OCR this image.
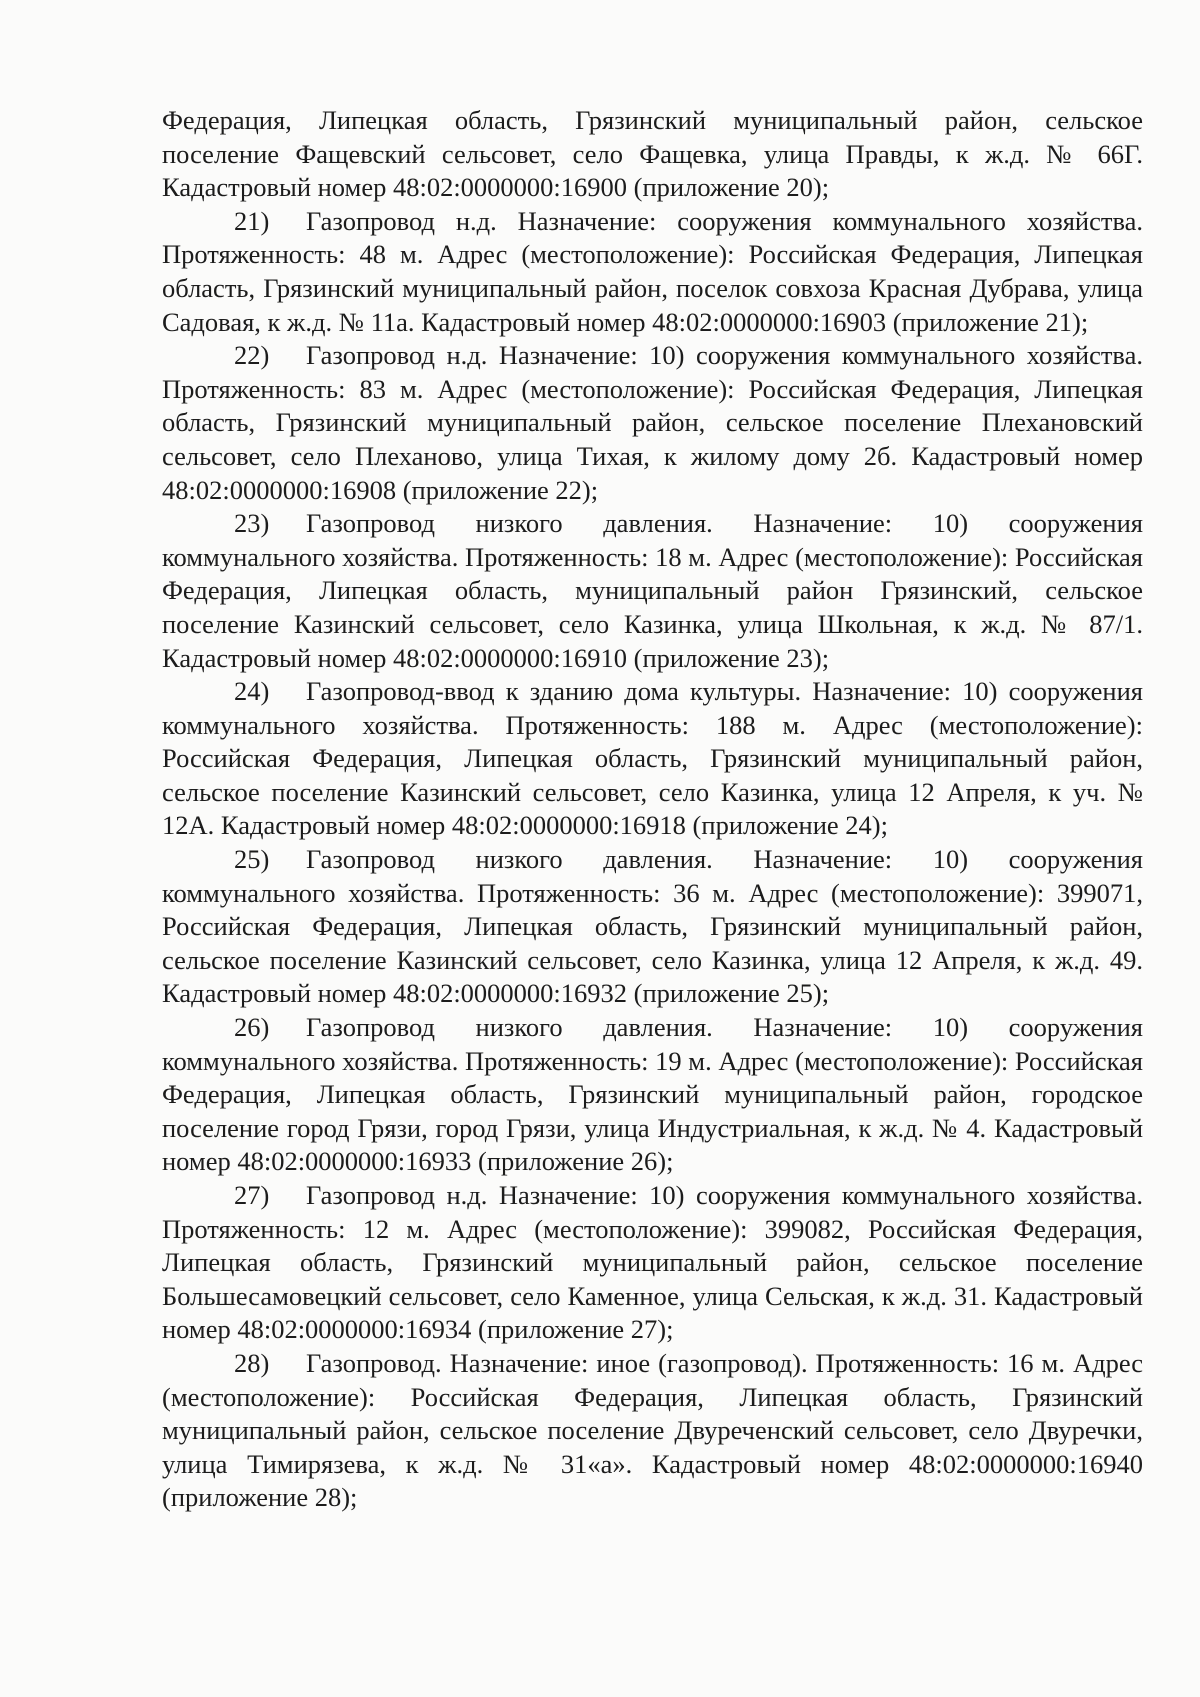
Федерация, Липецкая область, Грязинский муниципальный район, сельское поселение Фащевский сельсовет, село Фащевка, улица Правды, к ж.д. № 66Г. Кадастровый номер 48:02:0000000:16900 (приложение 20);

21) Газопровод н.д. Назначение: сооружения коммунального хозяйства. Протяженность: 48 м. Адрес (местоположение): Российская Федерация, Липецкая область, Грязинский муниципальный район, поселок совхоза Красная Дубрава, улица Садовая, к ж.д. № 11а. Кадастровый номер 48:02:0000000:16903 (приложение 21);

22) Газопровод н.д. Назначение: 10) сооружения коммунального хозяйства. Протяженность: 83 м. Адрес (местоположение): Российская Федерация, Липецкая область, Грязинский муниципальный район, сельское поселение Плехановский сельсовет, село Плеханово, улица Тихая, к жилому дому 2б. Кадастровый номер 48:02:0000000:16908 (приложение 22);

23) Газопровод низкого давления. Назначение: 10) сооружения коммунального хозяйства. Протяженность: 18 м. Адрес (местоположение): Российская Федерация, Липецкая область, муниципальный район Грязинский, сельское поселение Казинский сельсовет, село Казинка, улица Школьная, к ж.д. № 87/1. Кадастровый номер 48:02:0000000:16910 (приложение 23);

24) Газопровод-ввод к зданию дома культуры. Назначение: 10) сооружения коммунального хозяйства. Протяженность: 188 м. Адрес (местоположение): Российская Федерация, Липецкая область, Грязинский муниципальный район, сельское поселение Казинский сельсовет, село Казинка, улица 12 Апреля, к уч. № 12А. Кадастровый номер 48:02:0000000:16918 (приложение 24);

25) Газопровод низкого давления. Назначение: 10) сооружения коммунального хозяйства. Протяженность: 36 м. Адрес (местоположение): 399071, Российская Федерация, Липецкая область, Грязинский муниципальный район, сельское поселение Казинский сельсовет, село Казинка, улица 12 Апреля, к ж.д. 49. Кадастровый номер 48:02:0000000:16932 (приложение 25);

26) Газопровод низкого давления. Назначение: 10) сооружения коммунального хозяйства. Протяженность: 19 м. Адрес (местоположение): Российская Федерация, Липецкая область, Грязинский муниципальный район, городское поселение город Грязи, город Грязи, улица Индустриальная, к ж.д. № 4. Кадастровый номер 48:02:0000000:16933 (приложение 26);

27) Газопровод н.д. Назначение: 10) сооружения коммунального хозяйства. Протяженность: 12 м. Адрес (местоположение): 399082, Российская Федерация, Липецкая область, Грязинский муниципальный район, сельское поселение Большесамовецкий сельсовет, село Каменное, улица Сельская, к ж.д. 31. Кадастровый номер 48:02:0000000:16934 (приложение 27);

28) Газопровод. Назначение: иное (газопровод). Протяженность: 16 м. Адрес (местоположение): Российская Федерация, Липецкая область, Грязинский муниципальный район, сельское поселение Двуреченский сельсовет, село Двуречки, улица Тимирязева, к ж.д. № 31«а». Кадастровый номер 48:02:0000000:16940 (приложение 28);
